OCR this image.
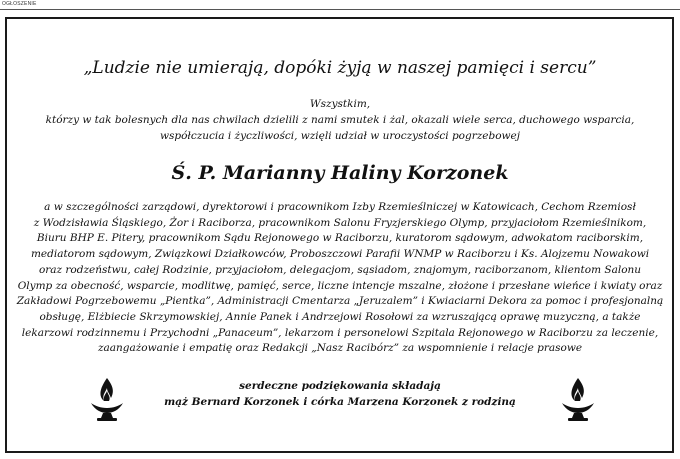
OGŁOSZENIE
„Ludzie nie umierają, dopóki żyją w naszej pamięci i sercu”
Wszystkim,
którzy w tak bolesnych dla nas chwilach dzielili z nami smutek i żal, okazali wiele serca, duchowego wsparcia,
współczucia i życzliwości, wzięli udział w uroczystości pogrzebowej
Ś. P. Marianny Haliny Korzonek
a w szczególności zarządowi, dyrektorowi i pracownikom Izby Rzemieślniczej w Katowicach, Cechom Rzemiosł
z Wodzisławia Śląskiego, Żor i Raciborza, pracownikom Salonu Fryzjerskiego Olymp, przyjaciołom Rzemieślnikom,
Biuru BHP E. Pitery, pracownikom Sądu Rejonowego w Raciborzu, kuratorom sądowym, adwokatom raciborskim,
mediatorom sądowym, Związkowi Działkowców, Proboszczowi Parafii WNMP w Raciborzu i Ks. Alojzemu Nowakowi
oraz rodzeństwu, całej Rodzinie, przyjaciołom, delegacjom, sąsiadom, znajomym, raciborzanom, klientom Salonu
Olymp za obecność, wsparcie, modlitwę, pamięć, serce, liczne intencje mszalne, złożone i przesłane wieńce i kwiaty oraz
Zakładowi Pogrzebowemu „Pientka”, Administracji Cmentarza „Jeruzalem” i Kwiaciarni Dekora za pomoc i profesjonalną
obsługę, Elżbiecie Skrzymowskiej, Annie Panek i Andrzejowi Rosołowi za wzruszającą oprawę muzyczną, a także
lekarzowi rodzinnemu i Przychodni „Panaceum”, lekarzom i personelowi Szpitala Rejonowego w Raciborzu za leczenie,
zaangażowanie i empatię oraz Redakcji „Nasz Racibórz” za wspomnienie i relacje prasowe
serdeczne podziękowania składają
mąż Bernard Korzonek i córka Marzena Korzonek z rodziną
